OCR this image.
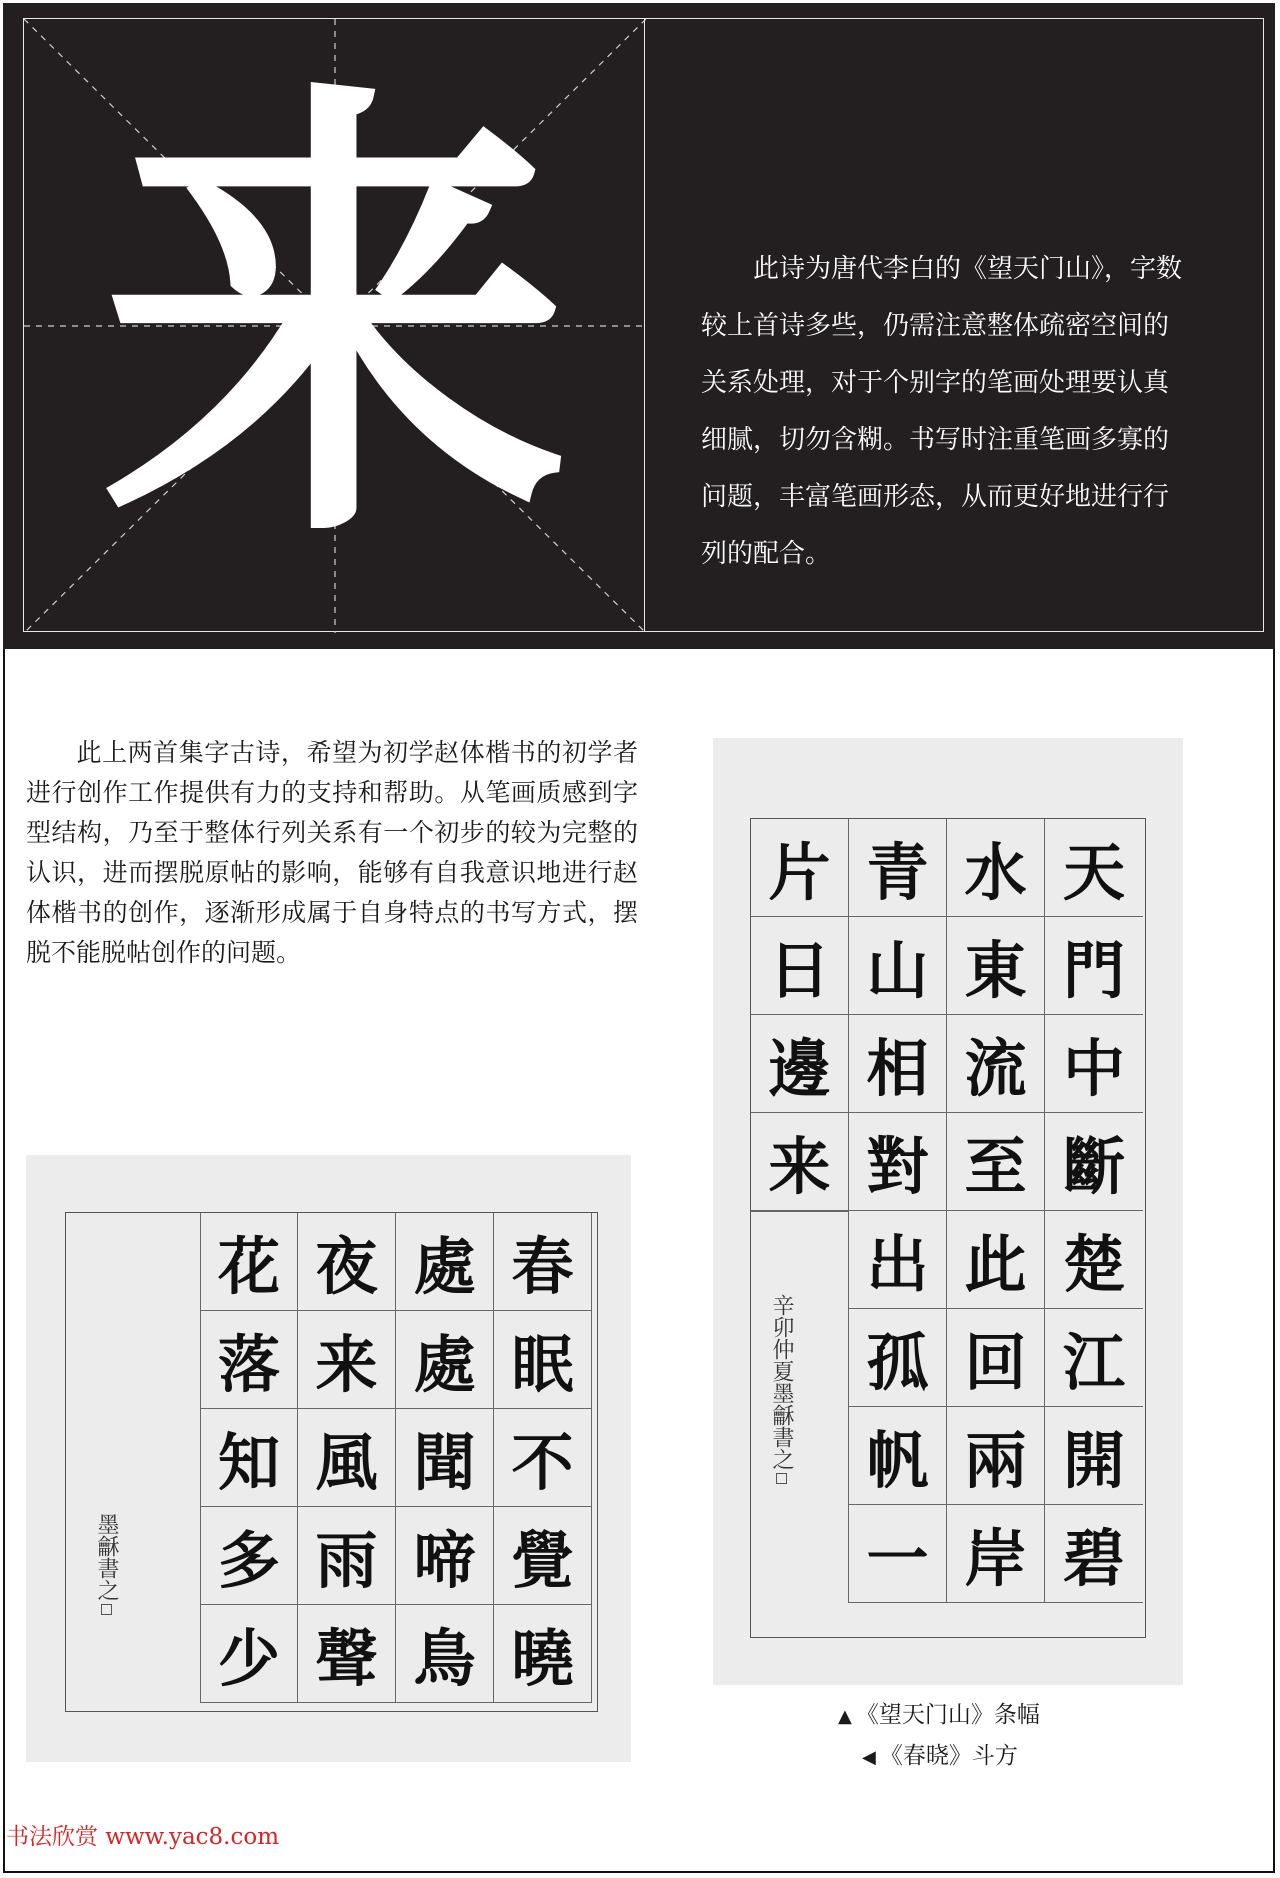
来	此诗为唐代李白的《望天门山》，字数较上首诗多些，仍需注意整体疏密空间的关系处理，对于个别字的笔画处理要认真细腻，切勿含糊。书写时注重笔画多寡的问题，丰富笔画形态，从而更好地进行行列的配合。
此上两首集字古诗，希望为初学赵体楷书的初学者进行创作工作提供有力的支持和帮助。从笔画质感到字型结构，乃至于整体行列关系有一个初步的较为完整的认识，进而摆脱原帖的影响，能够有自我意识地进行赵体楷书的创作，逐渐形成属于自身特点的书写方式，摆脱不能脱帖创作的问题。
墨龢書之
花 夜 處 春
落 来 處 眠
知 風 聞 不
多 雨 啼 覺
少 聲 鳥 曉
片 青 水 天
日 山 東 門
邊 相 流 中
来 對 至 斷
出 此 楚
孤 回 江
帆 兩 開
一 岸 碧
辛卯仲夏墨龢書之
▲ 《望天门山》条幅
◀ 《春晓》斗方
书法欣赏 www.yac8.com
